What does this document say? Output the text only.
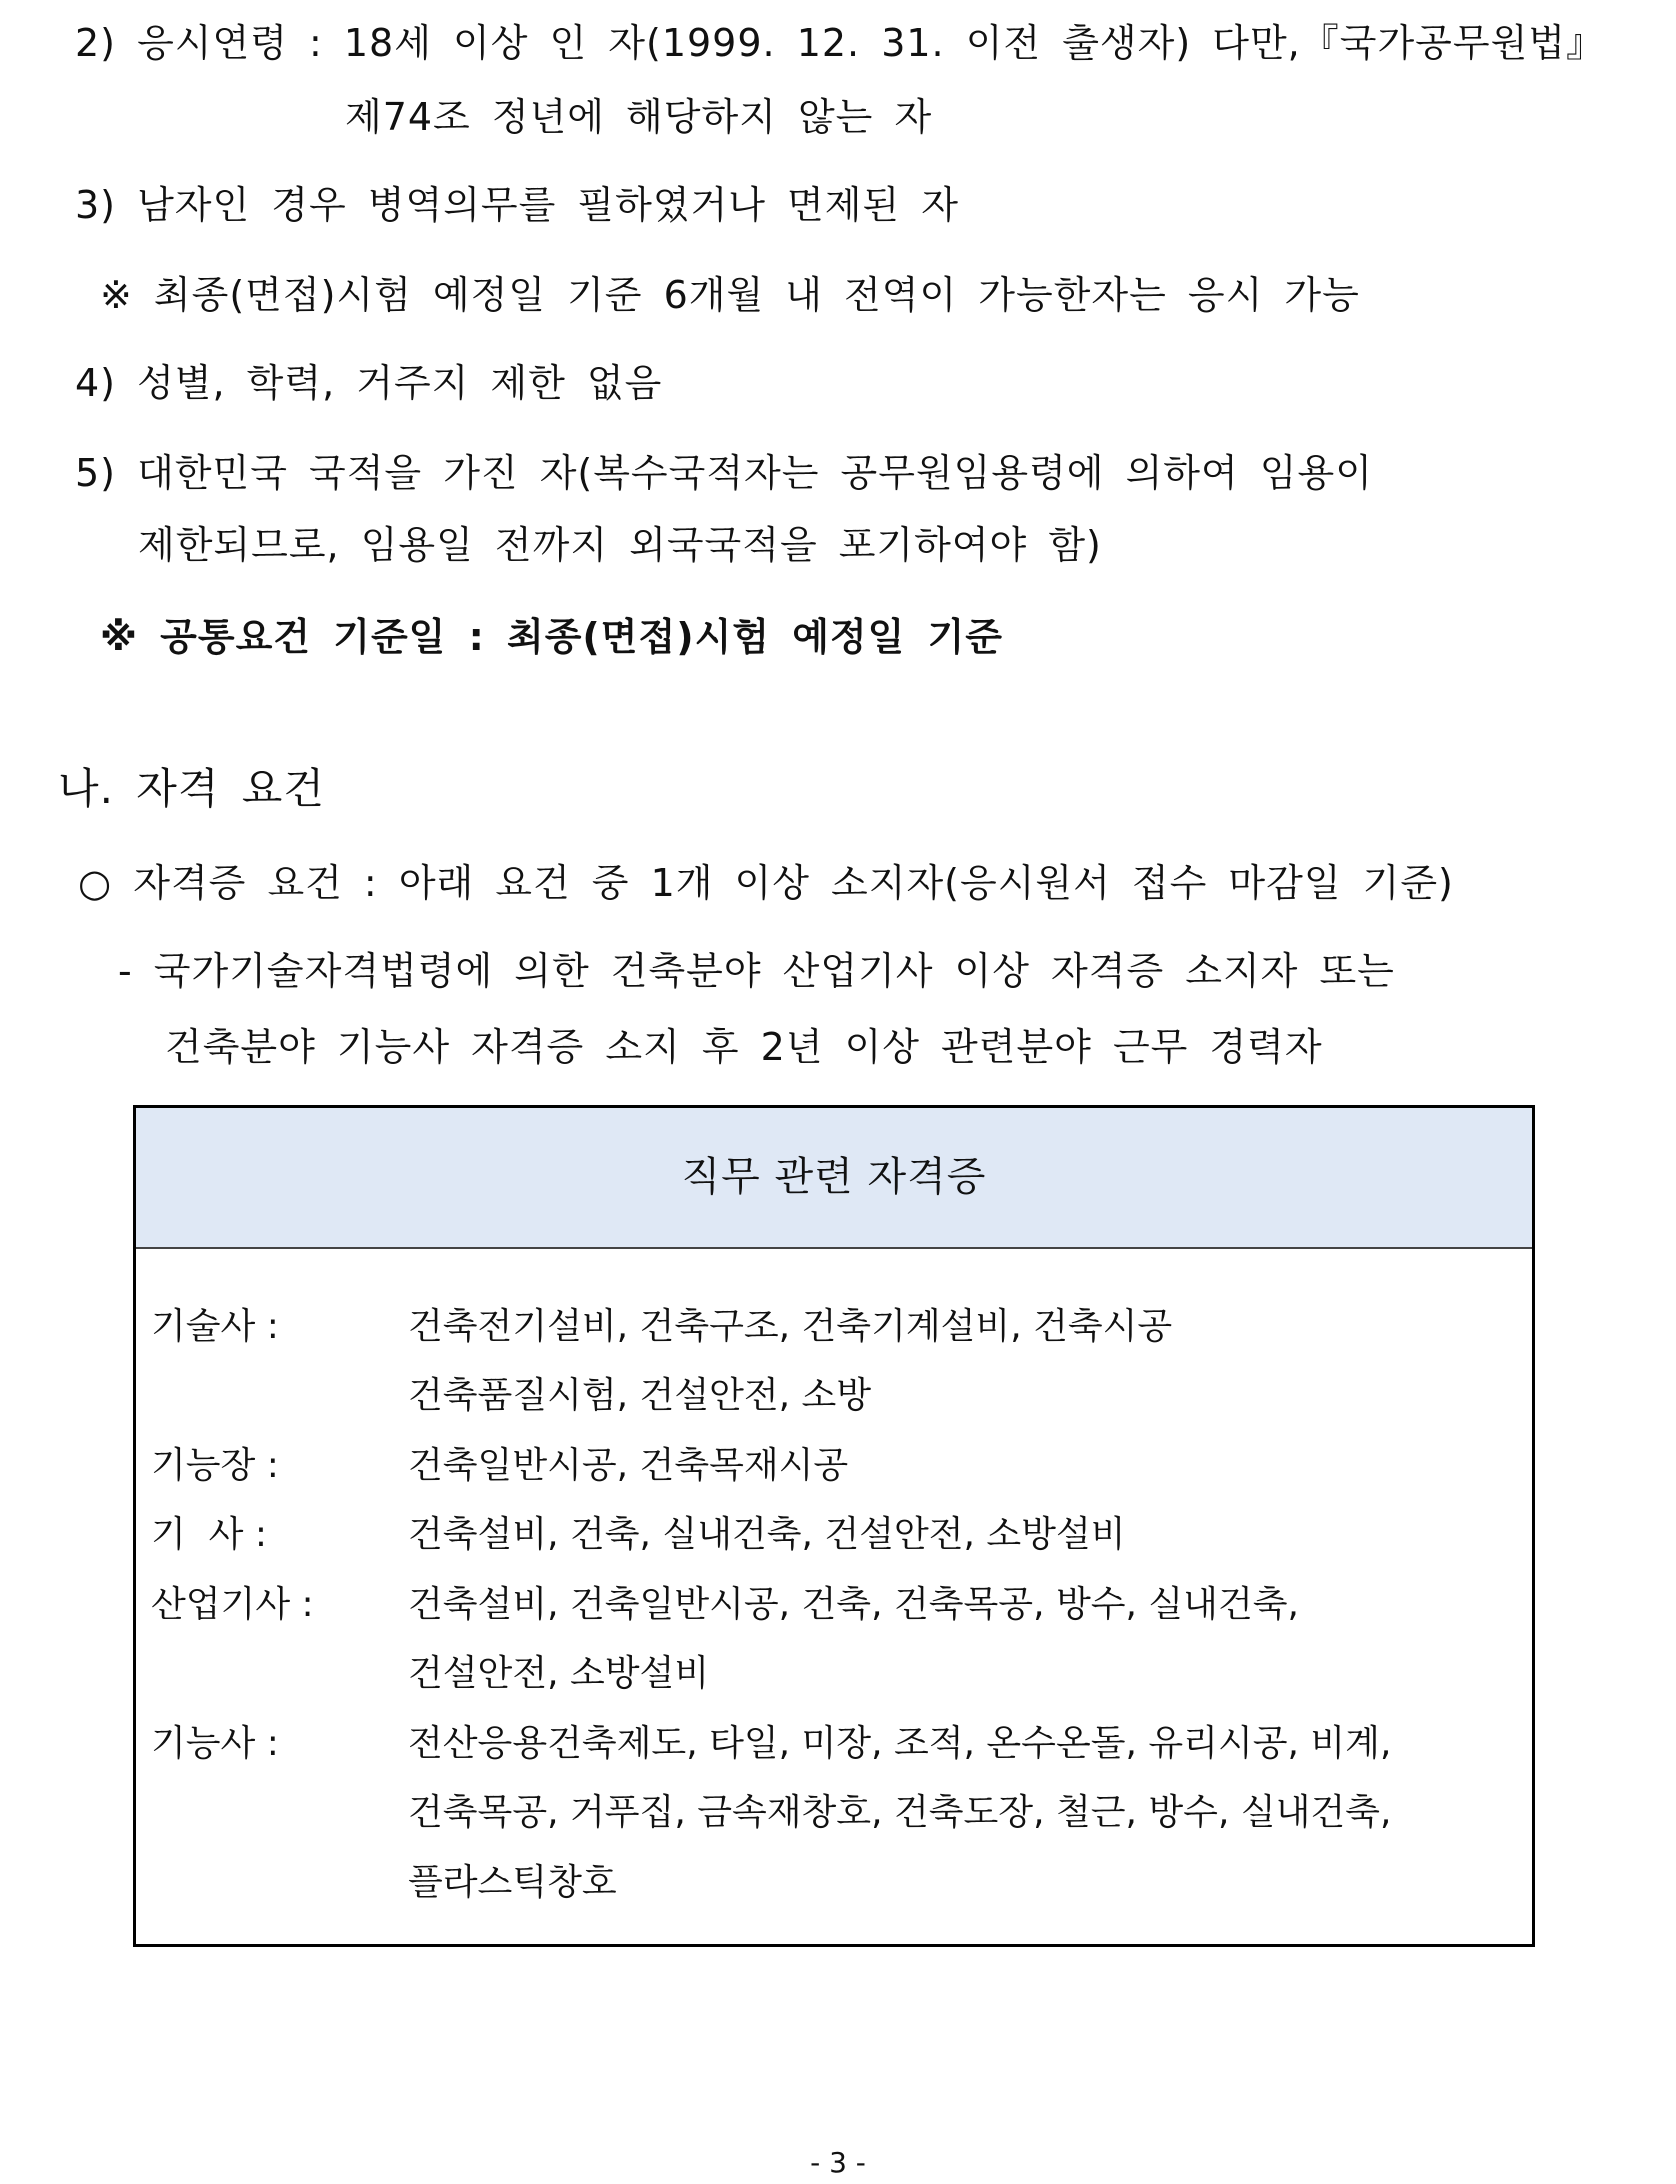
2) 응시연령 : 18세 이상 인 자(1999. 12. 31. 이전 출생자) 다만,『국가공무원법』
제74조 정년에 해당하지 않는 자
3) 남자인 경우 병역의무를 필하였거나 면제된 자
※ 최종(면접)시험 예정일 기준 6개월 내 전역이 가능한자는 응시 가능
4) 성별, 학력, 거주지 제한 없음
5) 대한민국 국적을 가진 자(복수국적자는 공무원임용령에 의하여 임용이
제한되므로, 임용일 전까지 외국국적을 포기하여야 함)
※ 공통요건 기준일 : 최종(면접)시험 예정일 기준
나. 자격 요건
○ 자격증 요건 : 아래 요건 중 1개 이상 소지자(응시원서 접수 마감일 기준)
- 국가기술자격법령에 의한 건축분야 산업기사 이상 자격증 소지자 또는
건축분야 기능사 자격증 소지 후 2년 이상 관련분야 근무 경력자
직무 관련 자격증
기술사 :	건축전기설비, 건축구조, 건축기계설비, 건축시공
건축품질시험, 건설안전, 소방
기능장 :	건축일반시공, 건축목재시공
기  사 :	건축설비, 건축, 실내건축, 건설안전, 소방설비
산업기사 :	건축설비, 건축일반시공, 건축, 건축목공, 방수, 실내건축,
건설안전, 소방설비
기능사 :	전산응용건축제도, 타일, 미장, 조적, 온수온돌, 유리시공, 비계,
건축목공, 거푸집, 금속재창호, 건축도장, 철근, 방수, 실내건축,
플라스틱창호
- 3 -
